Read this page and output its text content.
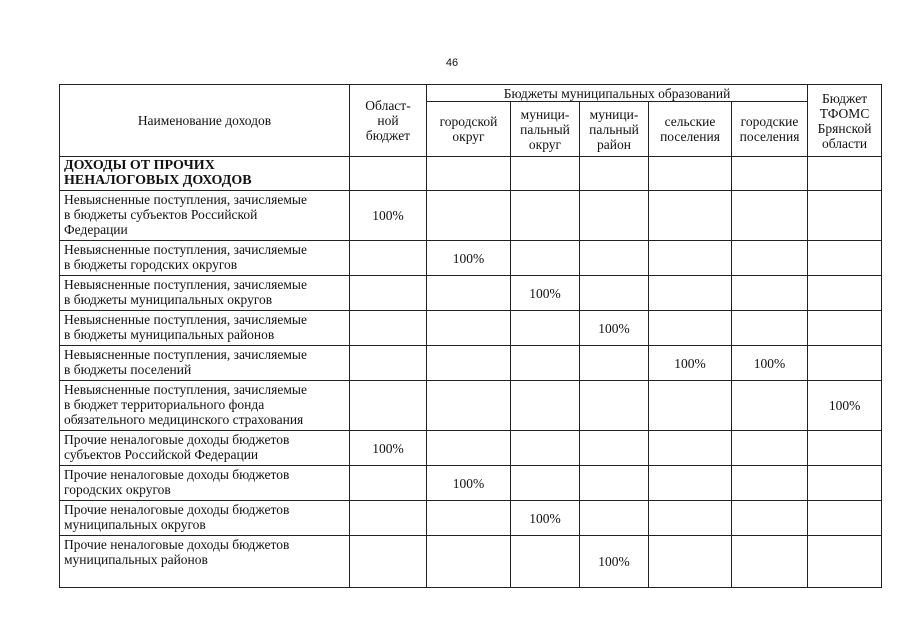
46
Наименование доходов	Област-
ной
бюджет	Бюджеты муниципальных образований					Бюджет
ТФОМС
Брянской
области
		городской
округ	муници-
пальный
округ	муници-
пальный
район	сельские
поселения	городские
поселения	
ДОХОДЫ ОТ ПРОЧИХ
НЕНАЛОГОВЫХ ДОХОДОВ							
Невыясненные поступления, зачисляемые
в бюджеты субъектов Российской
Федерации	100%						
Невыясненные поступления, зачисляемые
в бюджеты городских округов		100%					
Невыясненные поступления, зачисляемые
в бюджеты муниципальных округов			100%				
Невыясненные поступления, зачисляемые
в бюджеты муниципальных районов				100%			
Невыясненные поступления, зачисляемые
в бюджеты поселений					100%	100%	
Невыясненные поступления, зачисляемые
в бюджет территориального фонда
обязательного медицинского страхования							100%
Прочие неналоговые доходы бюджетов
субъектов Российской Федерации	100%						
Прочие неналоговые доходы бюджетов
городских округов		100%					
Прочие неналоговые доходы бюджетов
муниципальных округов			100%				
Прочие неналоговые доходы бюджетов
муниципальных районов				100%			
